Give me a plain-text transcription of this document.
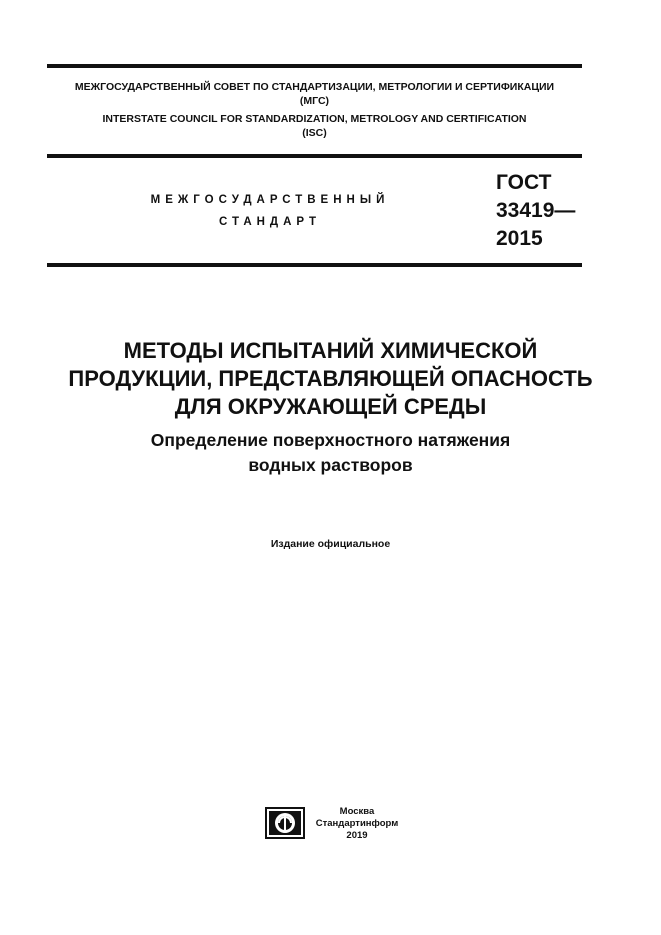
МЕЖГОСУДАРСТВЕННЫЙ СОВЕТ ПО СТАНДАРТИЗАЦИИ, МЕТРОЛОГИИ И СЕРТИФИКАЦИИ
(МГС)
INTERSTATE COUNCIL FOR STANDARDIZATION, METROLOGY AND CERTIFICATION
(ISC)
МЕЖГОСУДАРСТВЕННЫЙ
СТАНДАРТ
ГОСТ
33419—
2015
МЕТОДЫ ИСПЫТАНИЙ ХИМИЧЕСКОЙ
ПРОДУКЦИИ, ПРЕДСТАВЛЯЮЩЕЙ ОПАСНОСТЬ
ДЛЯ ОКРУЖАЮЩЕЙ СРЕДЫ
Определение поверхностного натяжения
водных растворов
Издание официальное
Москва
Стандартинформ
2019
